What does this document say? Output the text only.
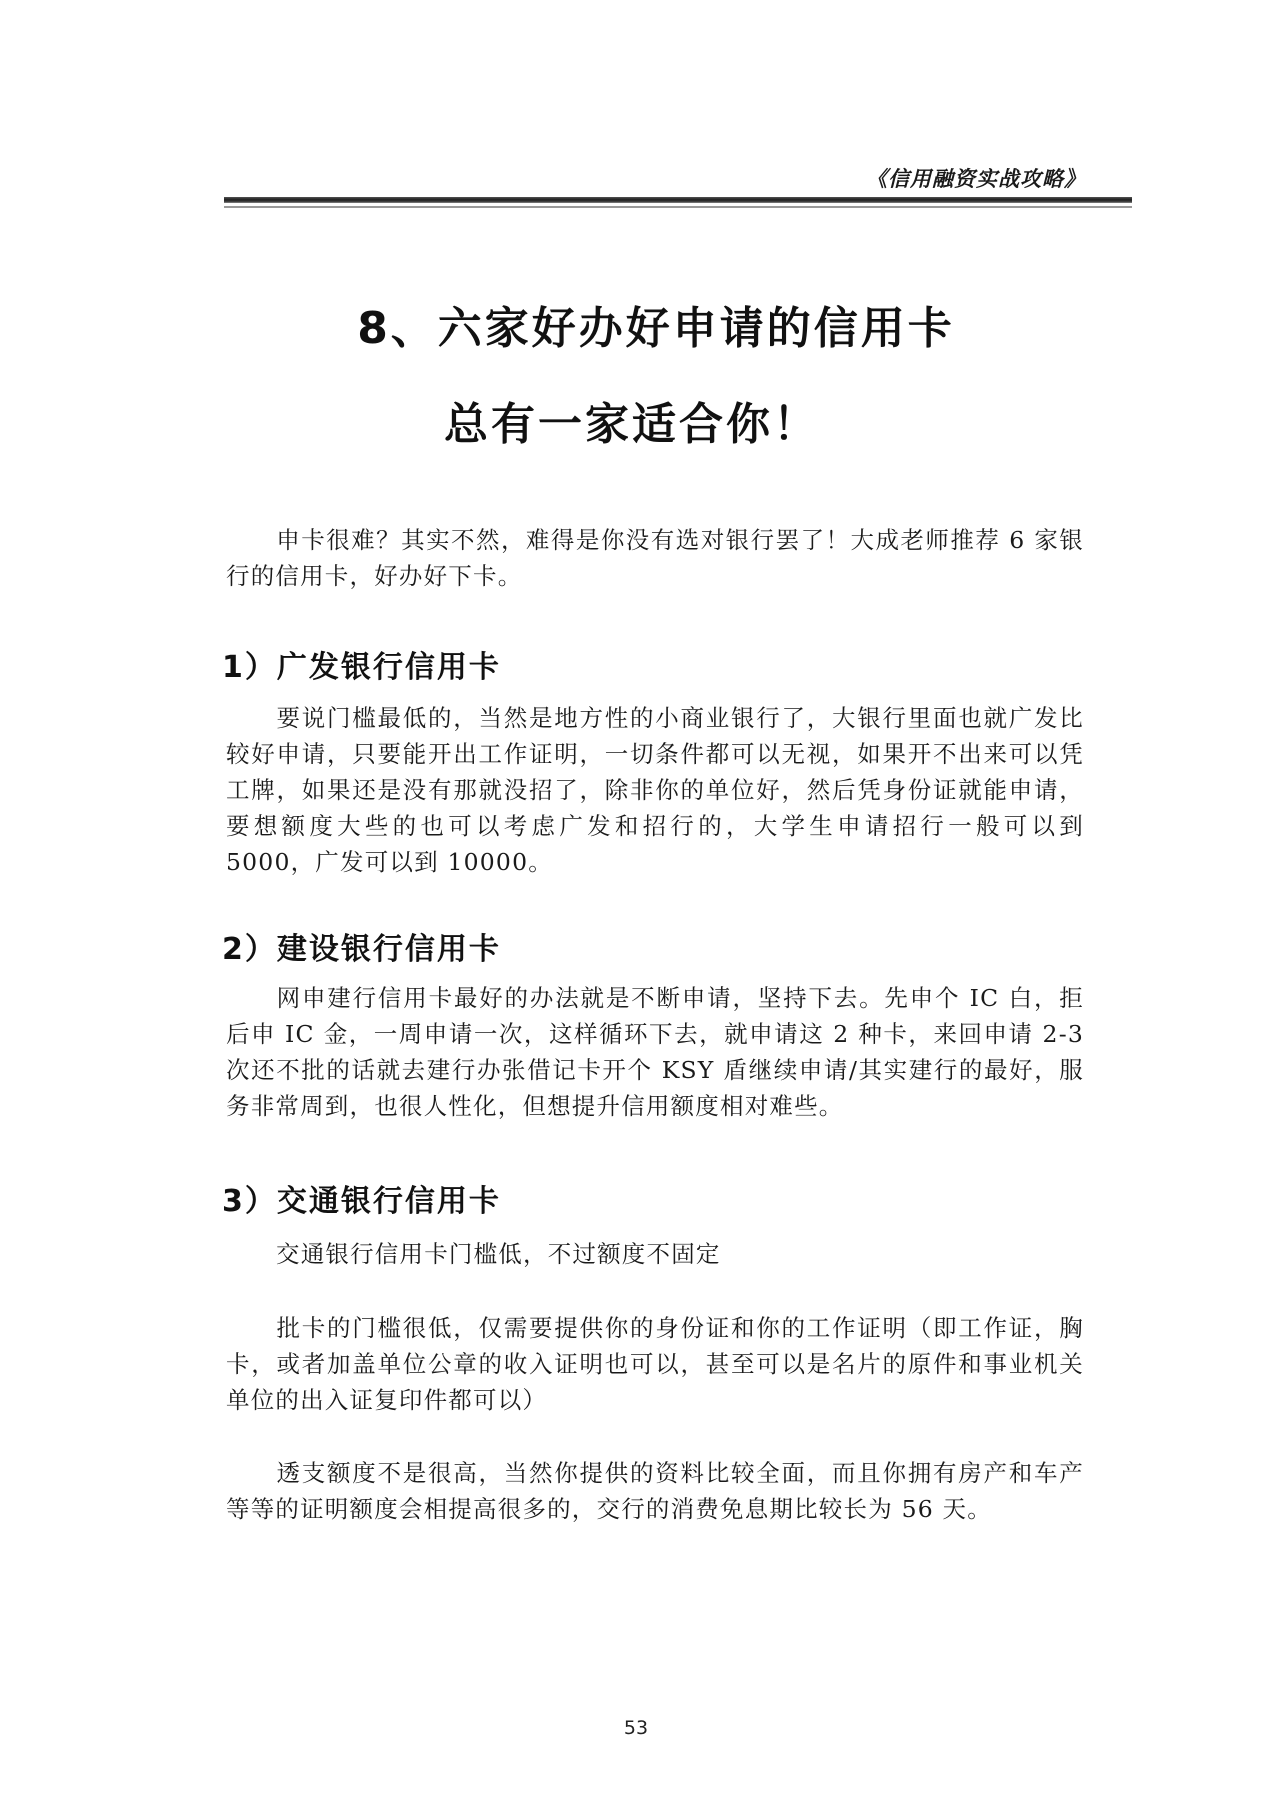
《信用融资实战攻略》
8、六家好办好申请的信用卡
总有一家适合你！
申卡很难？其实不然，难得是你没有选对银行罢了！大成老师推荐 6 家银行的信用卡，好办好下卡。
1）广发银行信用卡
要说门槛最低的，当然是地方性的小商业银行了，大银行里面也就广发比较好申请，只要能开出工作证明，一切条件都可以无视，如果开不出来可以凭工牌，如果还是没有那就没招了，除非你的单位好，然后凭身份证就能申请，要想额度大些的也可以考虑广发和招行的，大学生申请招行一般可以到 5000，广发可以到 10000。
2）建设银行信用卡
网申建行信用卡最好的办法就是不断申请，坚持下去。先申个 IC 白，拒后申 IC 金，一周申请一次，这样循环下去，就申请这 2 种卡，来回申请 2-3 次还不批的话就去建行办张借记卡开个 KSY 盾继续申请/其实建行的最好，服务非常周到，也很人性化，但想提升信用额度相对难些。
3）交通银行信用卡
交通银行信用卡门槛低，不过额度不固定
批卡的门槛很低，仅需要提供你的身份证和你的工作证明（即工作证，胸卡，或者加盖单位公章的收入证明也可以，甚至可以是名片的原件和事业机关单位的出入证复印件都可以）
透支额度不是很高，当然你提供的资料比较全面，而且你拥有房产和车产等等的证明额度会相提高很多的，交行的消费免息期比较长为 56 天。
53
